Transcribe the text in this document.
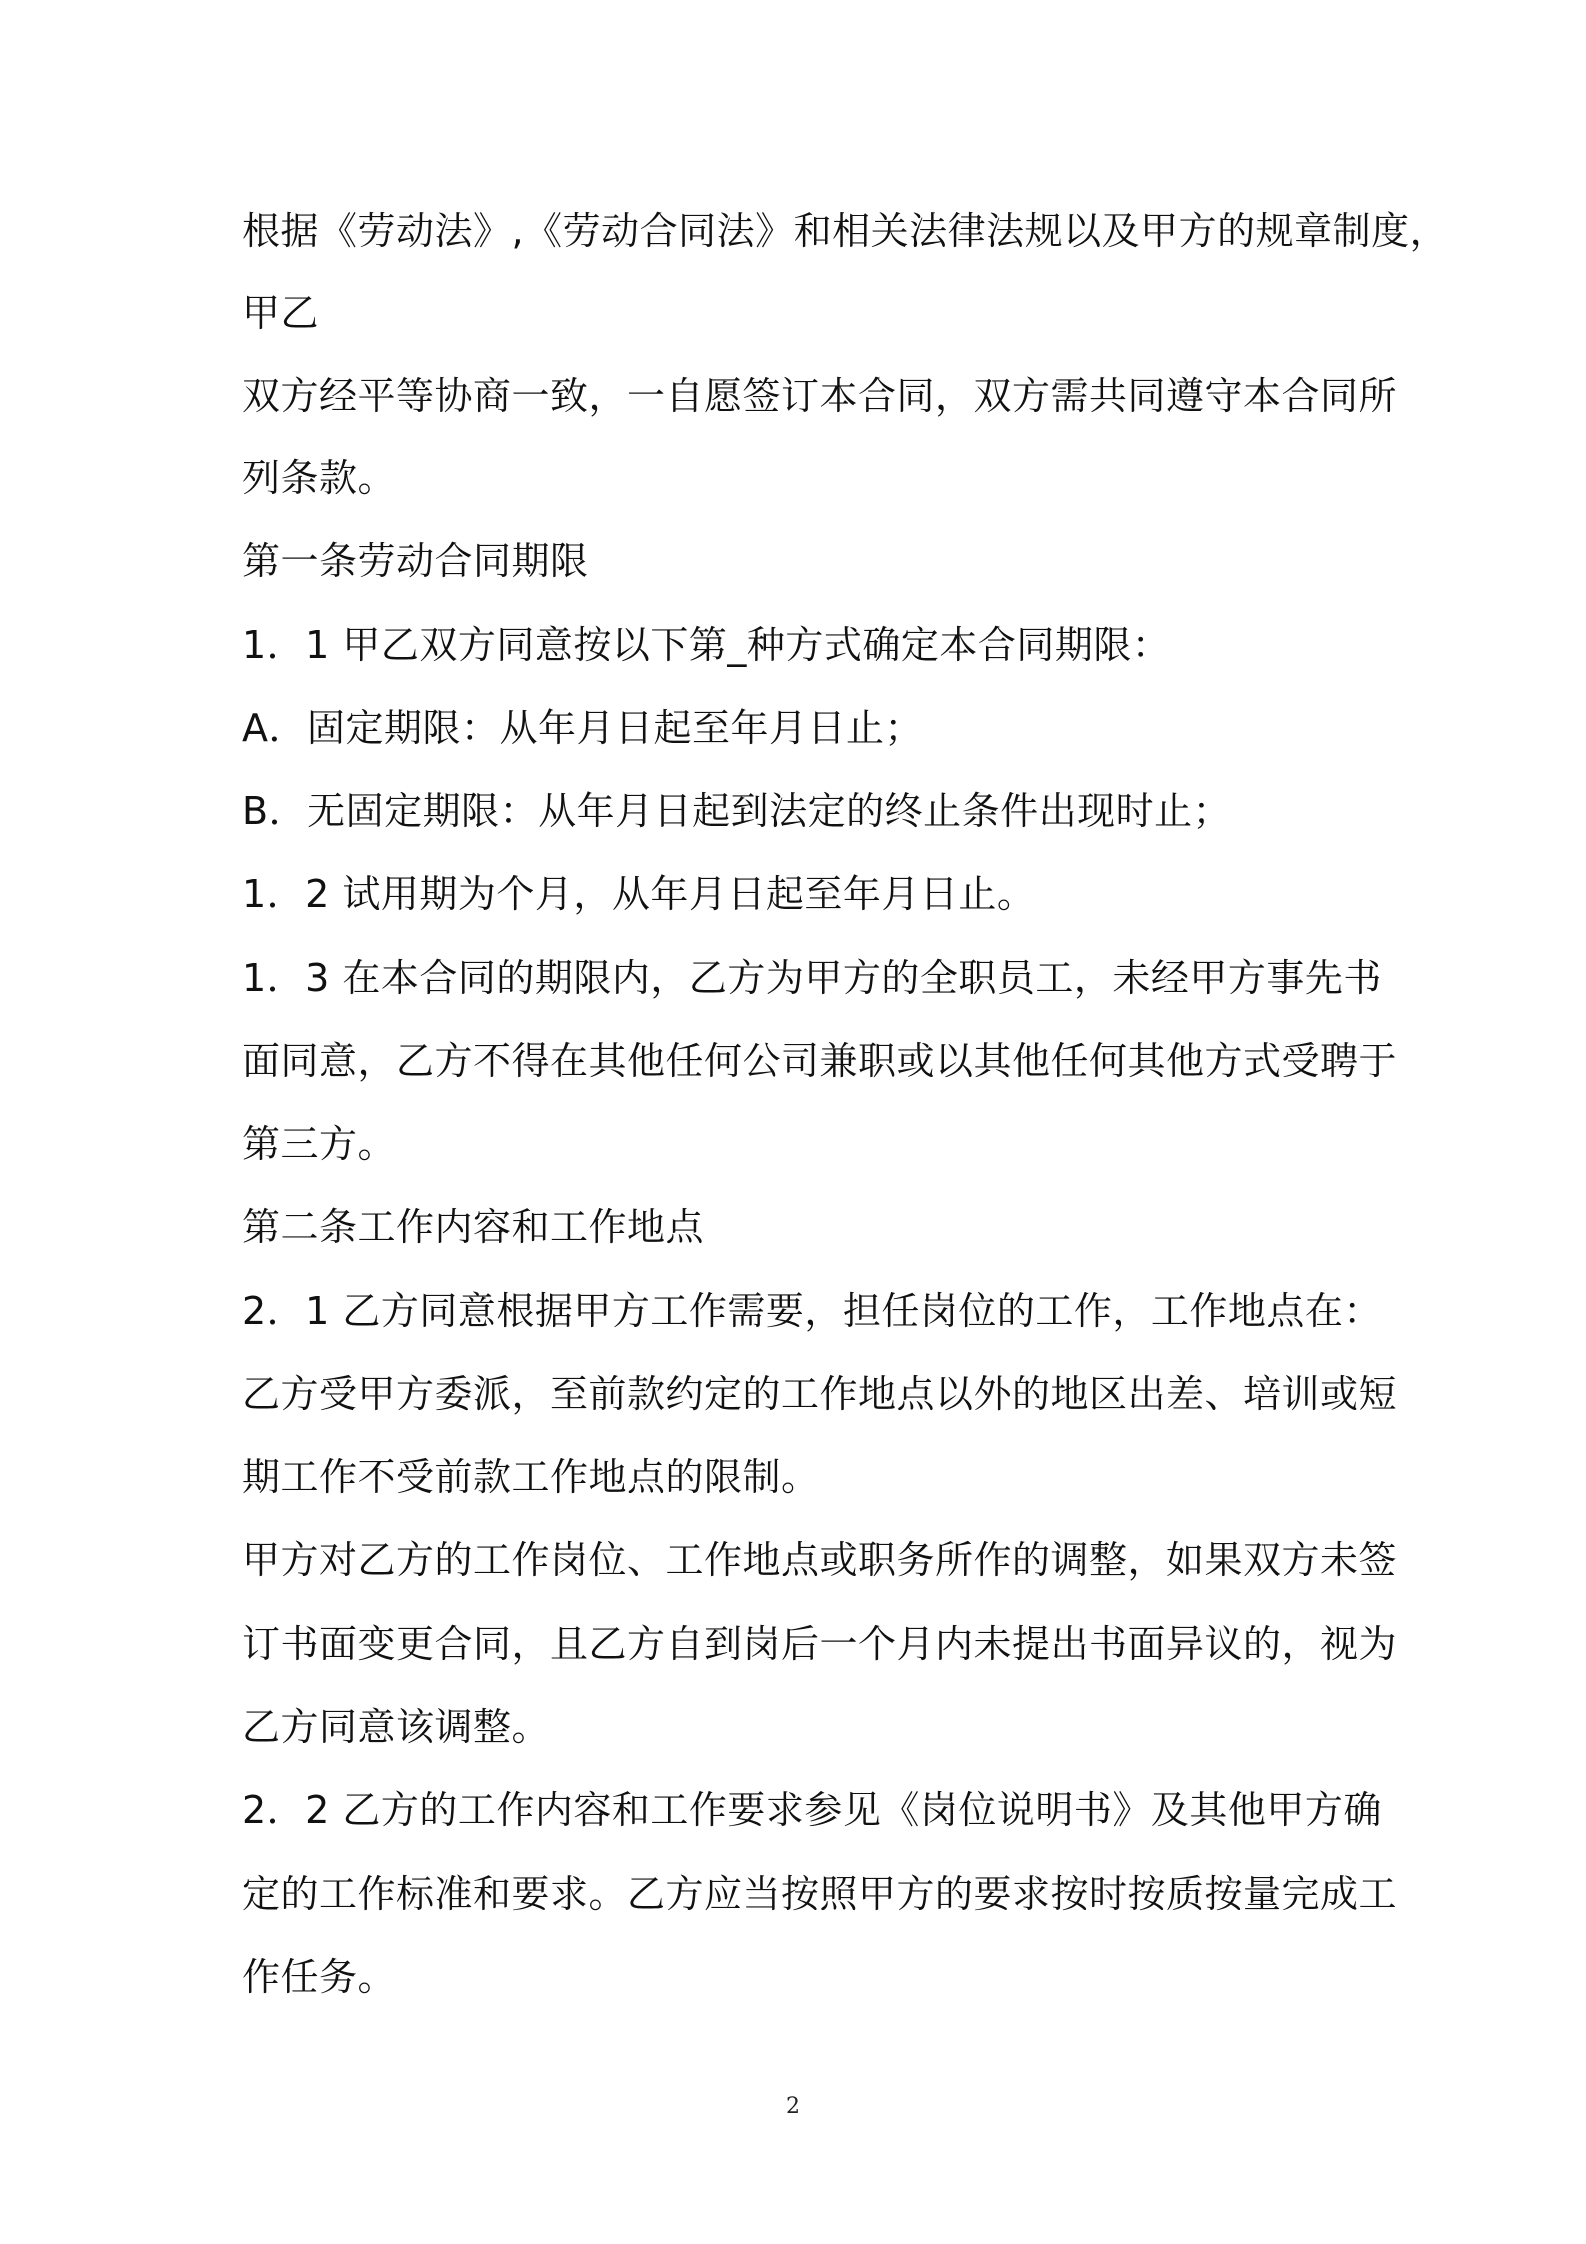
根据《劳动法》,《劳动合同法》和相关法律法规以及甲方的规章制度，
甲乙
双方经平等协商一致，一自愿签订本合同，双方需共同遵守本合同所
列条款。
第一条劳动合同期限
1．1 甲乙双方同意按以下第_种方式确定本合同期限：
A．固定期限：从年月日起至年月日止；
B．无固定期限：从年月日起到法定的终止条件出现时止；
1．2 试用期为个月，从年月日起至年月日止。
1．3 在本合同的期限内，乙方为甲方的全职员工，未经甲方事先书
面同意，乙方不得在其他任何公司兼职或以其他任何其他方式受聘于
第三方。
第二条工作内容和工作地点
2．1 乙方同意根据甲方工作需要，担任岗位的工作，工作地点在：
乙方受甲方委派，至前款约定的工作地点以外的地区出差、培训或短
期工作不受前款工作地点的限制。
甲方对乙方的工作岗位、工作地点或职务所作的调整，如果双方未签
订书面变更合同，且乙方自到岗后一个月内未提出书面异议的，视为
乙方同意该调整。
2．2 乙方的工作内容和工作要求参见《岗位说明书》及其他甲方确
定的工作标准和要求。乙方应当按照甲方的要求按时按质按量完成工
作任务。
2
